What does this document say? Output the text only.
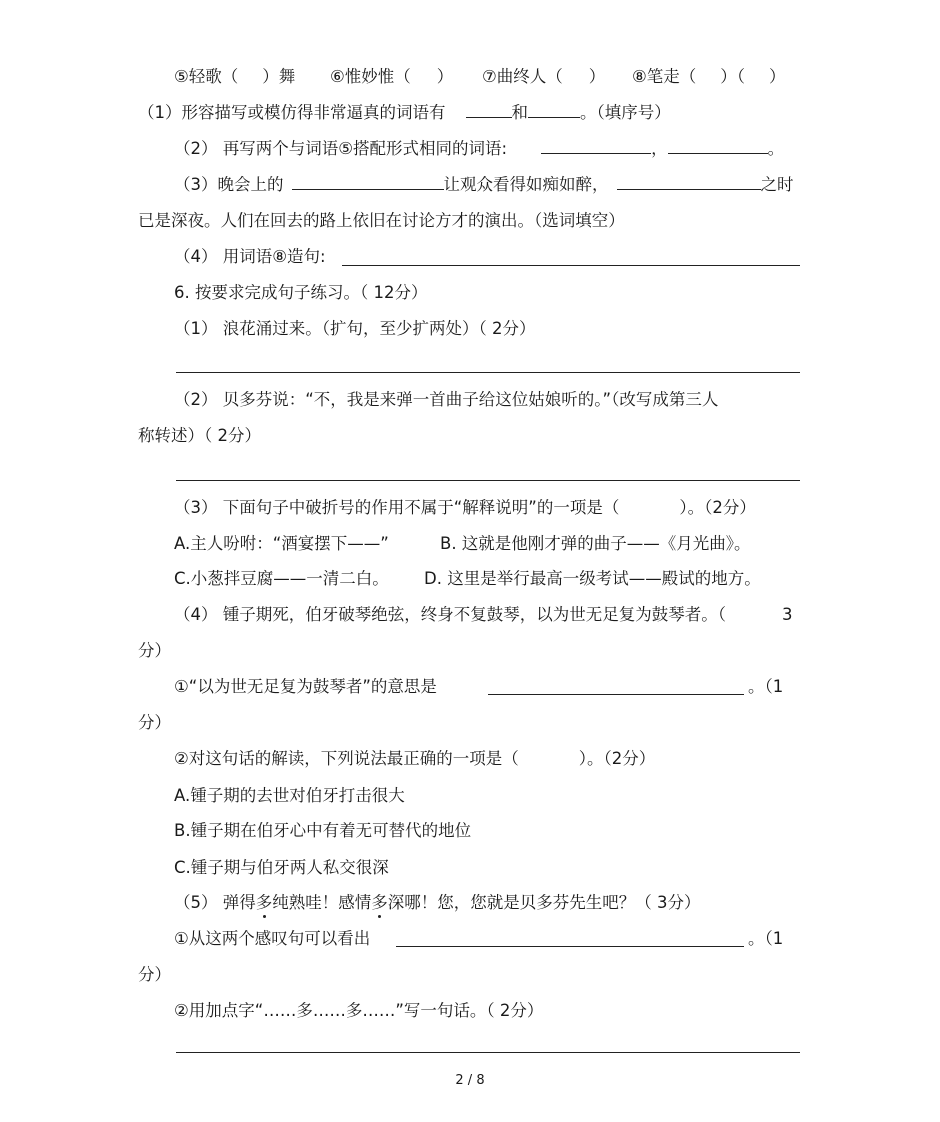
⑤轻歌（ ）舞 ⑥惟妙惟（ ） ⑦曲终人（ ） ⑧笔走（ ）（ ）
（1）形容描写或模仿得非常逼真的词语有	和	。（填序号）
（2） 再写两个与词语⑤搭配形式相同的词语:	，	。
（3）晚会上的	让观众看得如痴如醉，	之时
已是深夜。人们在回去的路上依旧在讨论方才的演出。（选词填空）
（4） 用词语⑧造句:
6. 按要求完成句子练习。（ 12分）
（1） 浪花涌过来。（扩句，至少扩两处）（ 2分）
（2） 贝多芬说：“不，我是来弹一首曲子给这位姑娘听的。”（改写成第三人
称转述）（ 2分）
（3） 下面句子中破折号的作用不属于“解释说明”的一项是（	）。（2分）
A.主人吩咐：“酒宴摆下——”	B. 这就是他刚才弹的曲子——《月光曲》。
C.小葱拌豆腐——一清二白。 D. 这里是举行最高一级考试——殿试的地方。
（4） 锺子期死，伯牙破琴绝弦，终身不复鼓琴，以为世无足复为鼓琴者。（	3
分）
①“以为世无足复为鼓琴者”的意思是	。（1
分）
②对这句话的解读，下列说法最正确的一项是（	）。（2分）
A.锺子期的去世对伯牙打击很大
B.锺子期在伯牙心中有着无可替代的地位
C.锺子期与伯牙两人私交很深
（5） 弹得多纯熟哇！感情多深哪！您，您就是贝多芬先生吧？（ 3分）
①从这两个感叹句可以看出	。（1
分）
②用加点字“……多……多……”写一句话。（ 2分）
2 / 8
